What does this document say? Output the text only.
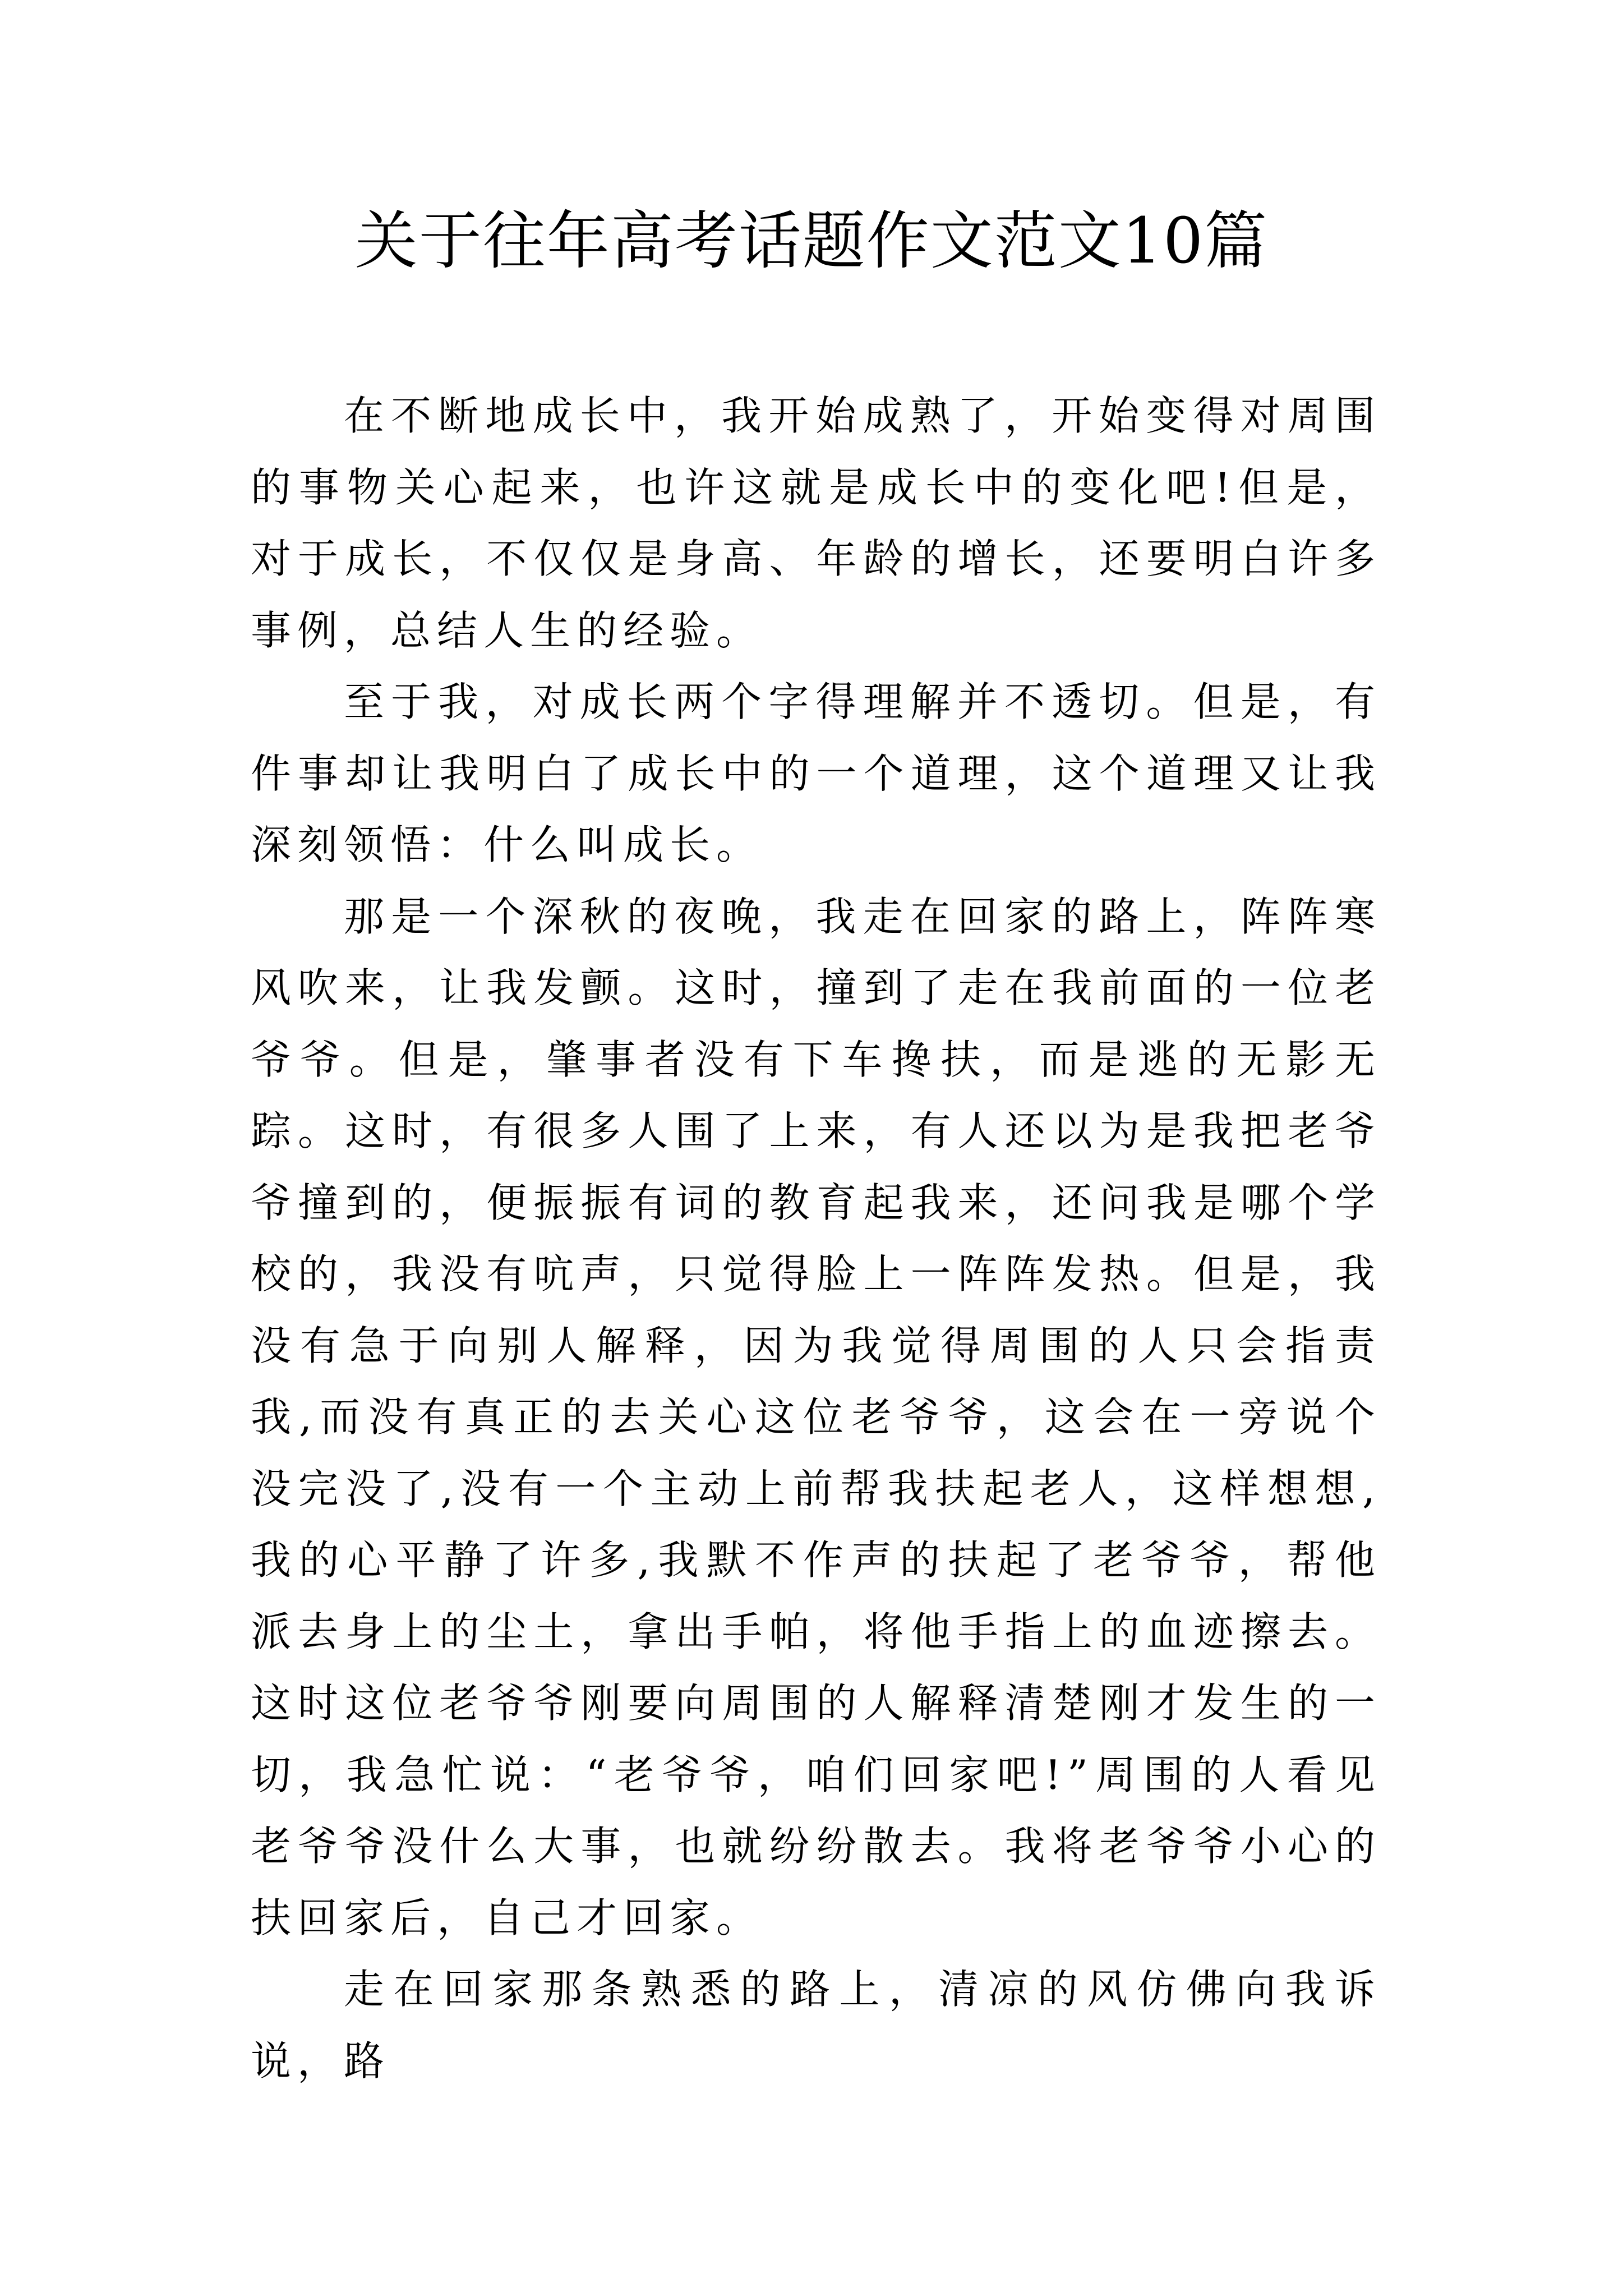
关于往年高考话题作文范文10篇

在不断地成长中，我开始成熟了，开始变得对周围的事物关心起来，也许这就是成长中的变化吧!但是，对于成长，不仅仅是身高、年龄的增长，还要明白许多事例，总结人生的经验。

至于我，对成长两个字得理解并不透切。但是，有件事却让我明白了成长中的一个道理，这个道理又让我深刻领悟：什么叫成长。

那是一个深秋的夜晚，我走在回家的路上，阵阵寒风吹来，让我发颤。这时，撞到了走在我前面的一位老爷爷。但是，肇事者没有下车搀扶，而是逃的无影无踪。这时，有很多人围了上来，有人还以为是我把老爷爷撞到的，便振振有词的教育起我来，还问我是哪个学校的，我没有吭声，只觉得脸上一阵阵发热。但是，我没有急于向别人解释，因为我觉得周围的人只会指责我,而没有真正的去关心这位老爷爷，这会在一旁说个没完没了,没有一个主动上前帮我扶起老人，这样想想,我的心平静了许多,我默不作声的扶起了老爷爷，帮他派去身上的尘土，拿出手帕，将他手指上的血迹擦去。这时这位老爷爷刚要向周围的人解释清楚刚才发生的一切，我急忙说：“老爷爷，咱们回家吧!”周围的人看见老爷爷没什么大事，也就纷纷散去。我将老爷爷小心的扶回家后，自己才回家。

走在回家那条熟悉的路上，清凉的风仿佛向我诉说，路
